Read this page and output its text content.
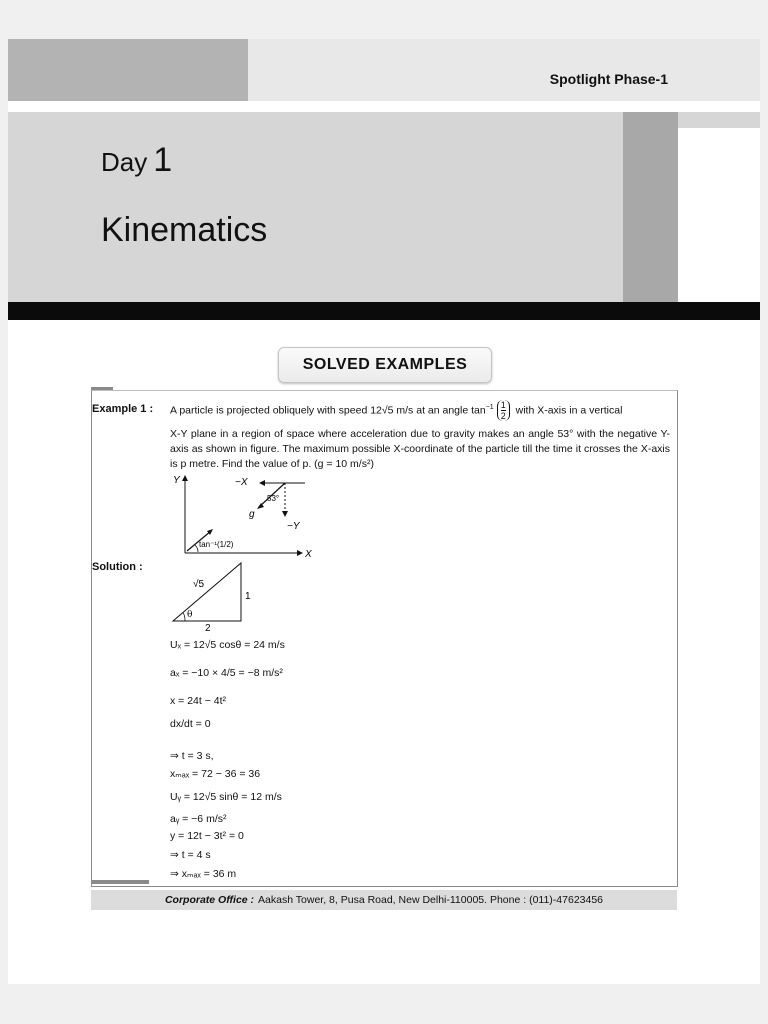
Spotlight Phase-1
Day 1
Kinematics
SOLVED EXAMPLES
Example 1 : A particle is projected obliquely with speed 12√5 m/s at an angle $\tan^{-1} \frac{1}{2}$ with X-axis in a vertical
X-Y plane in a region of space where acceleration due to gravity makes an angle 53° with the negative Y-axis as shown in figure. The maximum possible X-coordinate of the particle till the time it crosses the X-axis is p metre. Find the value of p. (g = 10 m/s²)
Y
X
tan⁻¹(1/2)
−X
−Y
g
53°
Solution :
θ
√5
1
2
Uₓ = 12√5 cosθ = 24 m/s
aₓ = −10 × 4/5 = −8 m/s²
x = 24t − 4t²
dx/dt = 0
⇒ t = 3 s,
xₘₐₓ = 72 − 36 = 36
Uᵧ = 12√5 sinθ = 12 m/s
aᵧ = −6 m/s²
y = 12t − 3t² = 0
⇒ t = 4 s
⇒ xₘₐₓ = 36 m
Corporate Office : Aakash Tower, 8, Pusa Road, New Delhi-110005. Phone : (011)-47623456
